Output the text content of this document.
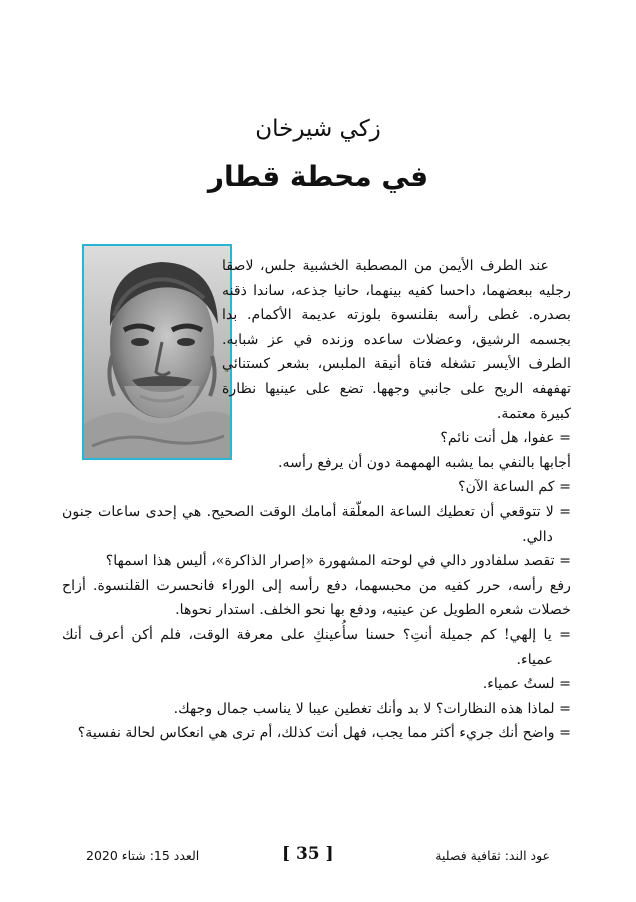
زكي شيرخان
في محطة قطار

عند الطرف الأيمن من المصطبة الخشبية جلس، لاصقا رجليه ببعضهما، داحسا كفيه بينهما، حانيا جذعه، ساندا ذقنه بصدره. غطى رأسه بقلنسوة بلوزته عديمة الأكمام. بدا بجسمه الرشيق، وعضلات ساعده وزنده في عز شبابه. الطرف الأيسر تشغله فتاة أنيقة الملبس، بشعر كستنائي تهفهفه الريح على جانبي وجهها. تضع على عينيها نظارة كبيرة معتمة.

= عفوا، هل أنت نائم؟

أجابها بالنفي بما يشبه الهمهمة دون أن يرفع رأسه.

= كم الساعة الآن؟

= لا تتوقعي أن تعطيك الساعة المعلّقة أمامك الوقت الصحيح. هي إحدى ساعات جنون دالي.

= تقصد سلفادور دالي في لوحته المشهورة «إصرار الذاكرة»، أليس هذا اسمها؟

رفع رأسه، حرر كفيه من محبسهما، دفع رأسه إلى الوراء فانحسرت القلنسوة. أزاح خصلات شعره الطويل عن عينيه، ودفع بها نحو الخلف. استدار نحوها.

= يا إلهي! كم جميلة أنتِ؟ حسنا سأُعينكِ على معرفة الوقت، فلم أكن أعرف أنك عمياء.

= لستُ عمياء.

= لماذا هذه النظارات؟ لا بد وأنك تغطين عيبا لا يناسب جمال وجهك.

= واضح أنك جريء أكثر مما يجب، فهل أنت كذلك، أم ترى هي انعكاس لحالة نفسية؟

عود الند: ثقافية فصلية
[ 35 ]
العدد 15: شتاء 2020
